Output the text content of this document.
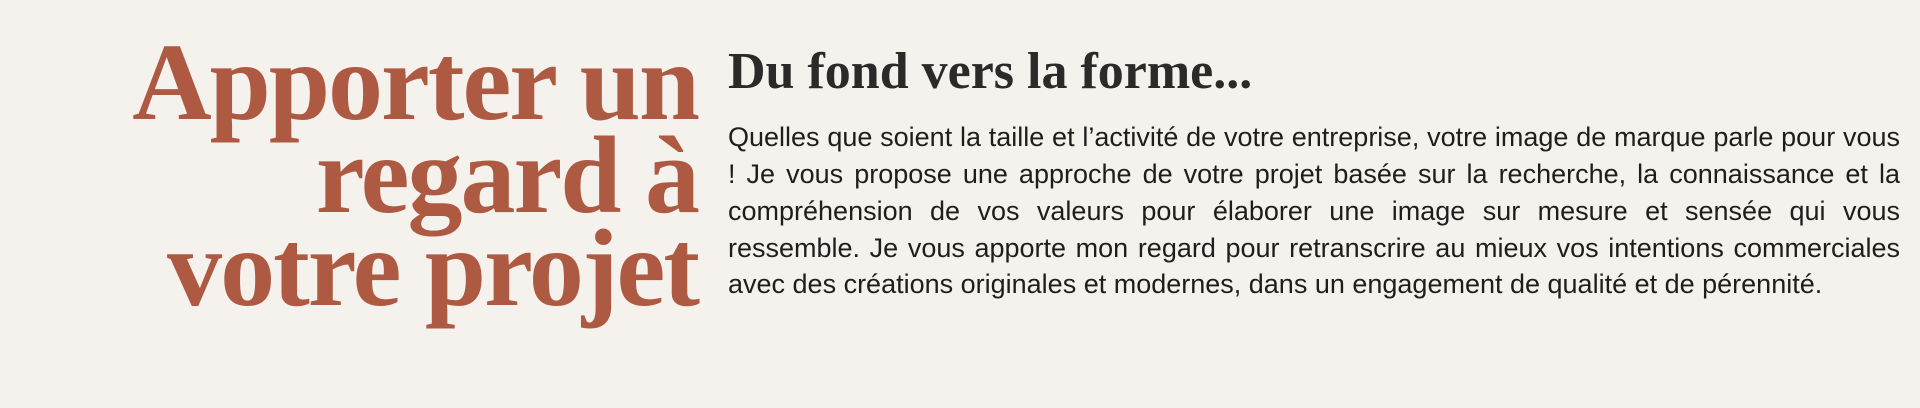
Apporter un
regard à
votre projet
Du fond vers la forme...

Quelles que soient la taille et l’activité de votre entreprise, votre image de marque parle pour vous ! Je vous propose une approche de votre projet basée sur la recherche, la connaissance et la compréhension de vos valeurs pour élaborer une image sur mesure et sensée qui vous ressemble. Je vous apporte mon regard pour retranscrire au mieux vos intentions commerciales avec des créations originales et modernes, dans un engagement de qualité et de pérennité.
